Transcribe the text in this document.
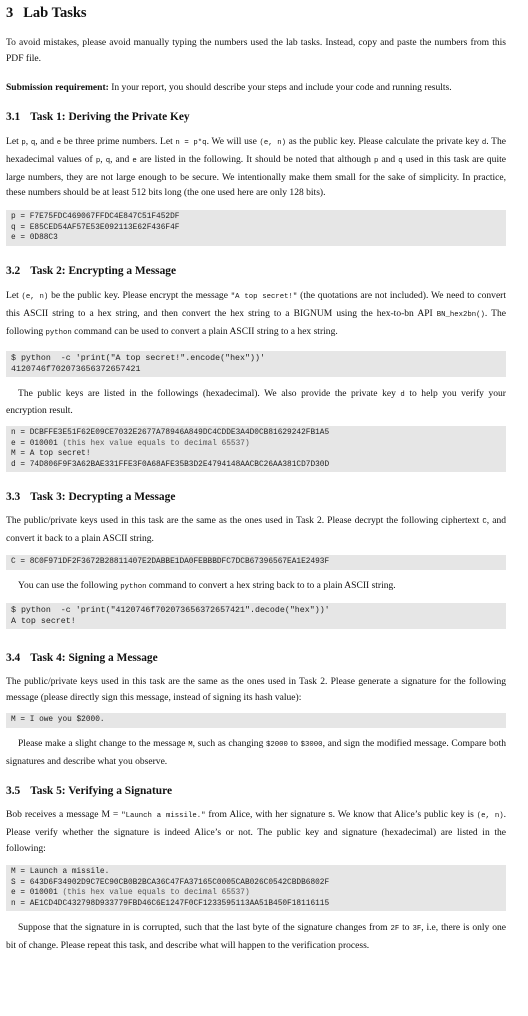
3 Lab Tasks

To avoid mistakes, please avoid manually typing the numbers used the lab tasks. Instead, copy and paste the numbers from this PDF file.

Submission requirement: In your report, you should describe your steps and include your code and running results.

3.1 Task 1: Deriving the Private Key

Let p, q, and e be three prime numbers. Let n = p*q. We will use (e, n) as the public key. Please calculate the private key d. The hexadecimal values of p, q, and e are listed in the following. It should be noted that although p and q used in this task are quite large numbers, they are not large enough to be secure. We intentionally make them small for the sake of simplicity. In practice, these numbers should be at least 512 bits long (the one used here are only 128 bits).

p = F7E75FDC469067FFDC4E847C51F452DF
q = E85CED54AF57E53E092113E62F436F4F
e = 0D88C3
3.2 Task 2: Encrypting a Message

Let (e, n) be the public key. Please encrypt the message "A top secret!" (the quotations are not included). We need to convert this ASCII string to a hex string, and then convert the hex string to a BIGNUM using the hex-to-bn API BN_hex2bn(). The following python command can be used to convert a plain ASCII string to a hex string.

$ python  -c 'print("A top secret!".encode("hex"))'
4120746f702073656372657421

The public keys are listed in the followings (hexadecimal). We also provide the private key d to help you verify your encryption result.

n = DCBFFE3E51F62E09CE7032E2677A78946A849DC4CDDE3A4D0CB81629242FB1A5
e = 010001 (this hex value equals to decimal 65537)
M = A top secret!
d = 74D806F9F3A62BAE331FFE3F0A68AFE35B3D2E4794148AACBC26AA381CD7D30D
3.3 Task 3: Decrypting a Message

The public/private keys used in this task are the same as the ones used in Task 2. Please decrypt the following ciphertext C, and convert it back to a plain ASCII string.

C = 8C0F971DF2F3672B28811407E2DABBE1DA0FEBBBDFC7DCB67396567EA1E2493F

You can use the following python command to convert a hex string back to to a plain ASCII string.

$ python  -c 'print("4120746f702073656372657421".decode("hex"))'
A top secret!
3.4 Task 4: Signing a Message

The public/private keys used in this task are the same as the ones used in Task 2. Please generate a signature for the following message (please directly sign this message, instead of signing its hash value):

M = I owe you $2000.

Please make a slight change to the message M, such as changing $2000 to $3000, and sign the modified message. Compare both signatures and describe what you observe.

3.5 Task 5: Verifying a Signature

Bob receives a message M = "Launch a missile." from Alice, with her signature S. We know that Alice’s public key is (e, n). Please verify whether the signature is indeed Alice’s or not. The public key and signature (hexadecimal) are listed in the following:

M = Launch a missile.
S = 643D6F34902D9C7EC90CB0B2BCA36C47FA37165C0005CAB026C0542CBDB6802F
e = 010001 (this hex value equals to decimal 65537)
n = AE1CD4DC432798D933779FBD46C6E1247F0CF1233595113AA51B450F18116115

Suppose that the signature in is corrupted, such that the last byte of the signature changes from 2F to 3F, i.e, there is only one bit of change. Please repeat this task, and describe what will happen to the verification process.
